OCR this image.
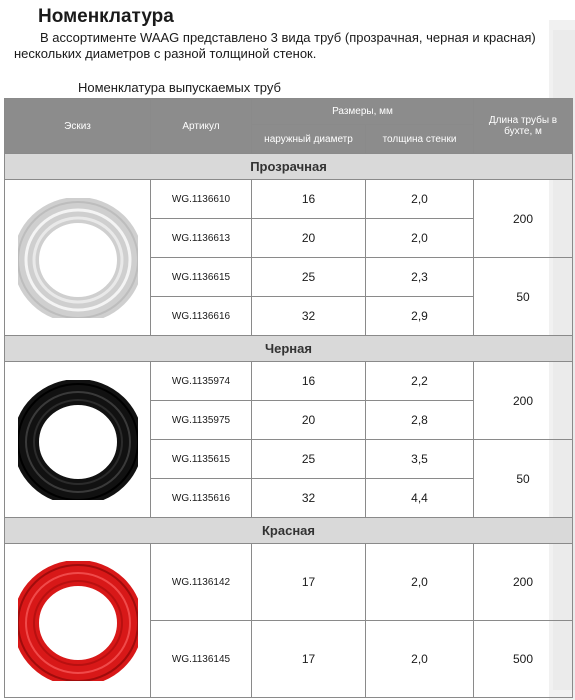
Номенклатура
В ассортименте WAAG представлено 3 вида труб (прозрачная, черная и красная) нескольких диаметров с разной толщиной стенок.
Номенклатура выпускаемых труб
Эскиз	Артикул	Размеры, мм		Длина трубы в бухте, м
		наружный диаметр	толщина стенки	
Прозрачная				

	WG.1136610	16	2,0	200
	WG.1136613	20	2,0	
	WG.1136615	25	2,3	50
	WG.1136616	32	2,9	
Черная				

	WG.1135974	16	2,2	200
	WG.1135975	20	2,8	
	WG.1135615	25	3,5	50
	WG.1135616	32	4,4	
Красная				

	WG.1136142	17	2,0	200
	WG.1136145	17	2,0	500
